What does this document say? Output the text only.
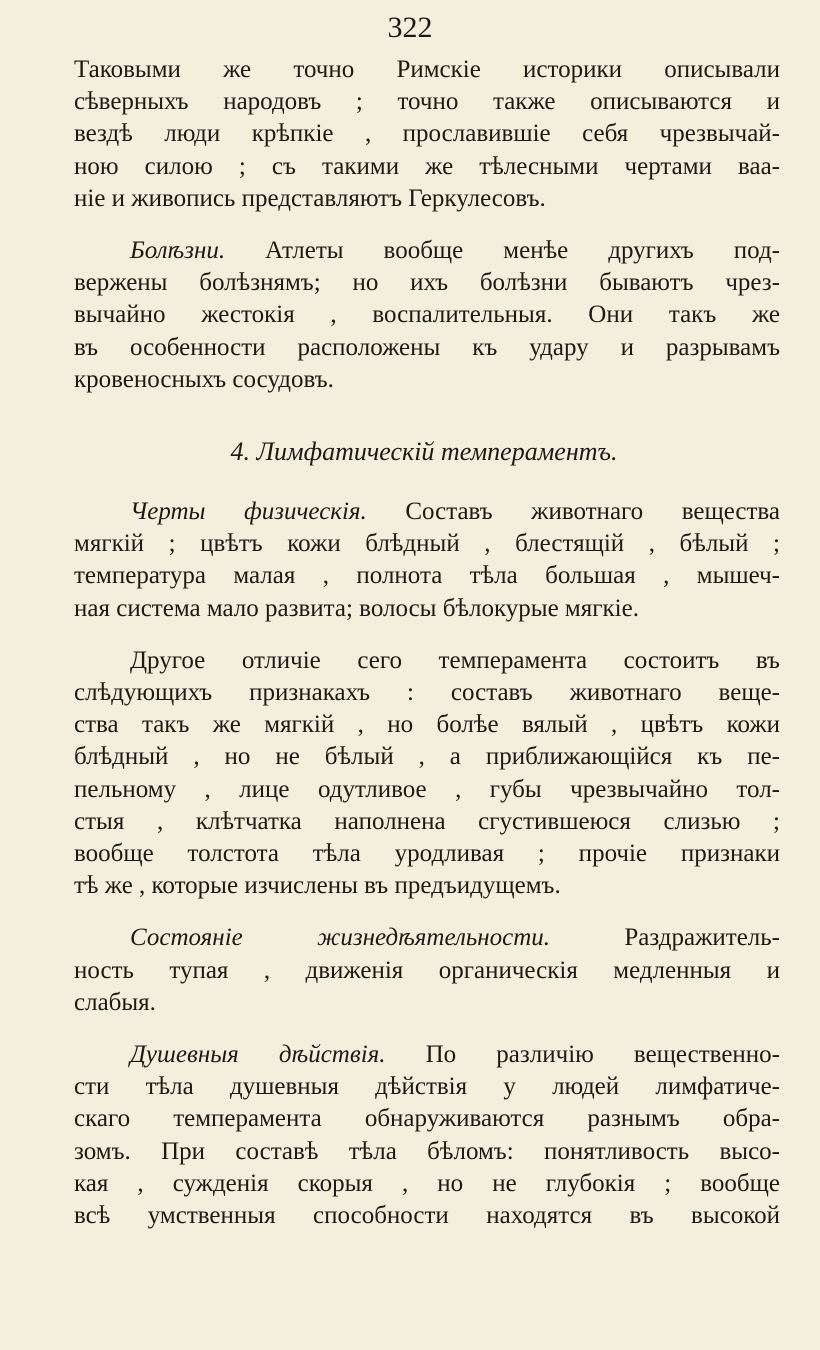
322

Таковыми же точно Римскіе историки описывали
сѣверныхъ народовъ ; точно также описываются и
вездѣ люди крѣпкіе , прославившіе себя чрезвычай-
ною силою ; съ такими же тѣлесными чертами ваа-
ніе и живопись представляютъ Геркулесовъ.

Болѣзни. Атлеты вообще менѣе другихъ под-
вержены болѣзнямъ; но ихъ болѣзни бываютъ чрез-
вычайно жестокія , воспалительныя. Они такъ же
въ особенности расположены къ удару и разрывамъ
кровеносныхъ сосудовъ.

4. Лимфатическій темпераментъ.

Черты физическія. Составъ животнаго вещества
мягкій ; цвѣтъ кожи блѣдный , блестящій , бѣлый ;
температура малая , полнота тѣла большая , мышеч-
ная система мало развита; волосы бѣлокурые мягкіе.

Другое отличіе сего темперамента состоитъ въ
слѣдующихъ признакахъ : составъ животнаго веще-
ства такъ же мягкій , но болѣе вялый , цвѣтъ кожи
блѣдный , но не бѣлый , а приближающійся къ пе-
пельному , лице одутливое , губы чрезвычайно тол-
стыя , клѣтчатка наполнена сгустившеюся слизью ;
вообще толстота тѣла уродливая ; прочіе признаки
тѣ же , которые изчислены въ предъидущемъ.

Состояніе жизнедѣятельности. Раздражитель-
ность тупая , движенія органическія медленныя и
слабыя.

Душевныя дѣйствія. По различію вещественно-
сти тѣла душевныя дѣйствія у людей лимфатиче-
скаго темперамента обнаруживаются разнымъ обра-
зомъ. При составѣ тѣла бѣломъ: понятливость высо-
кая , сужденія скорыя , но не глубокія ; вообще
всѣ умственныя способности находятся въ высокой
